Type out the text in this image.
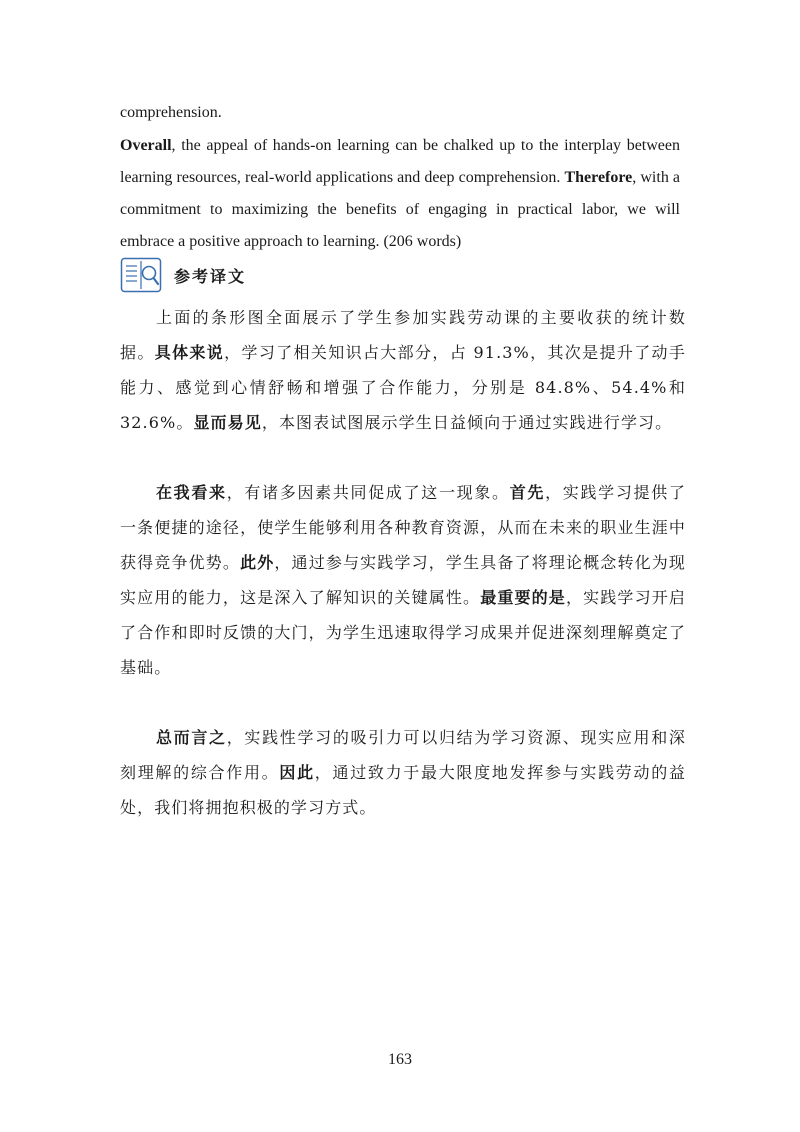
comprehension.

Overall, the appeal of hands-on learning can be chalked up to the interplay between learning resources, real-world applications and deep comprehension. Therefore, with a commitment to maximizing the benefits of engaging in practical labor, we will embrace a positive approach to learning. (206 words)

参考译文

上面的条形图全面展示了学生参加实践劳动课的主要收获的统计数据。具体来说，学习了相关知识占大部分，占 91.3%，其次是提升了动手能力、感觉到心情舒畅和增强了合作能力，分别是 84.8%、54.4%和 32.6%。显而易见，本图表试图展示学生日益倾向于通过实践进行学习。

在我看来，有诸多因素共同促成了这一现象。首先，实践学习提供了一条便捷的途径，使学生能够利用各种教育资源，从而在未来的职业生涯中获得竞争优势。此外，通过参与实践学习，学生具备了将理论概念转化为现实应用的能力，这是深入了解知识的关键属性。最重要的是，实践学习开启了合作和即时反馈的大门，为学生迅速取得学习成果并促进深刻理解奠定了基础。

总而言之，实践性学习的吸引力可以归结为学习资源、现实应用和深刻理解的综合作用。因此，通过致力于最大限度地发挥参与实践劳动的益处，我们将拥抱积极的学习方式。

163
